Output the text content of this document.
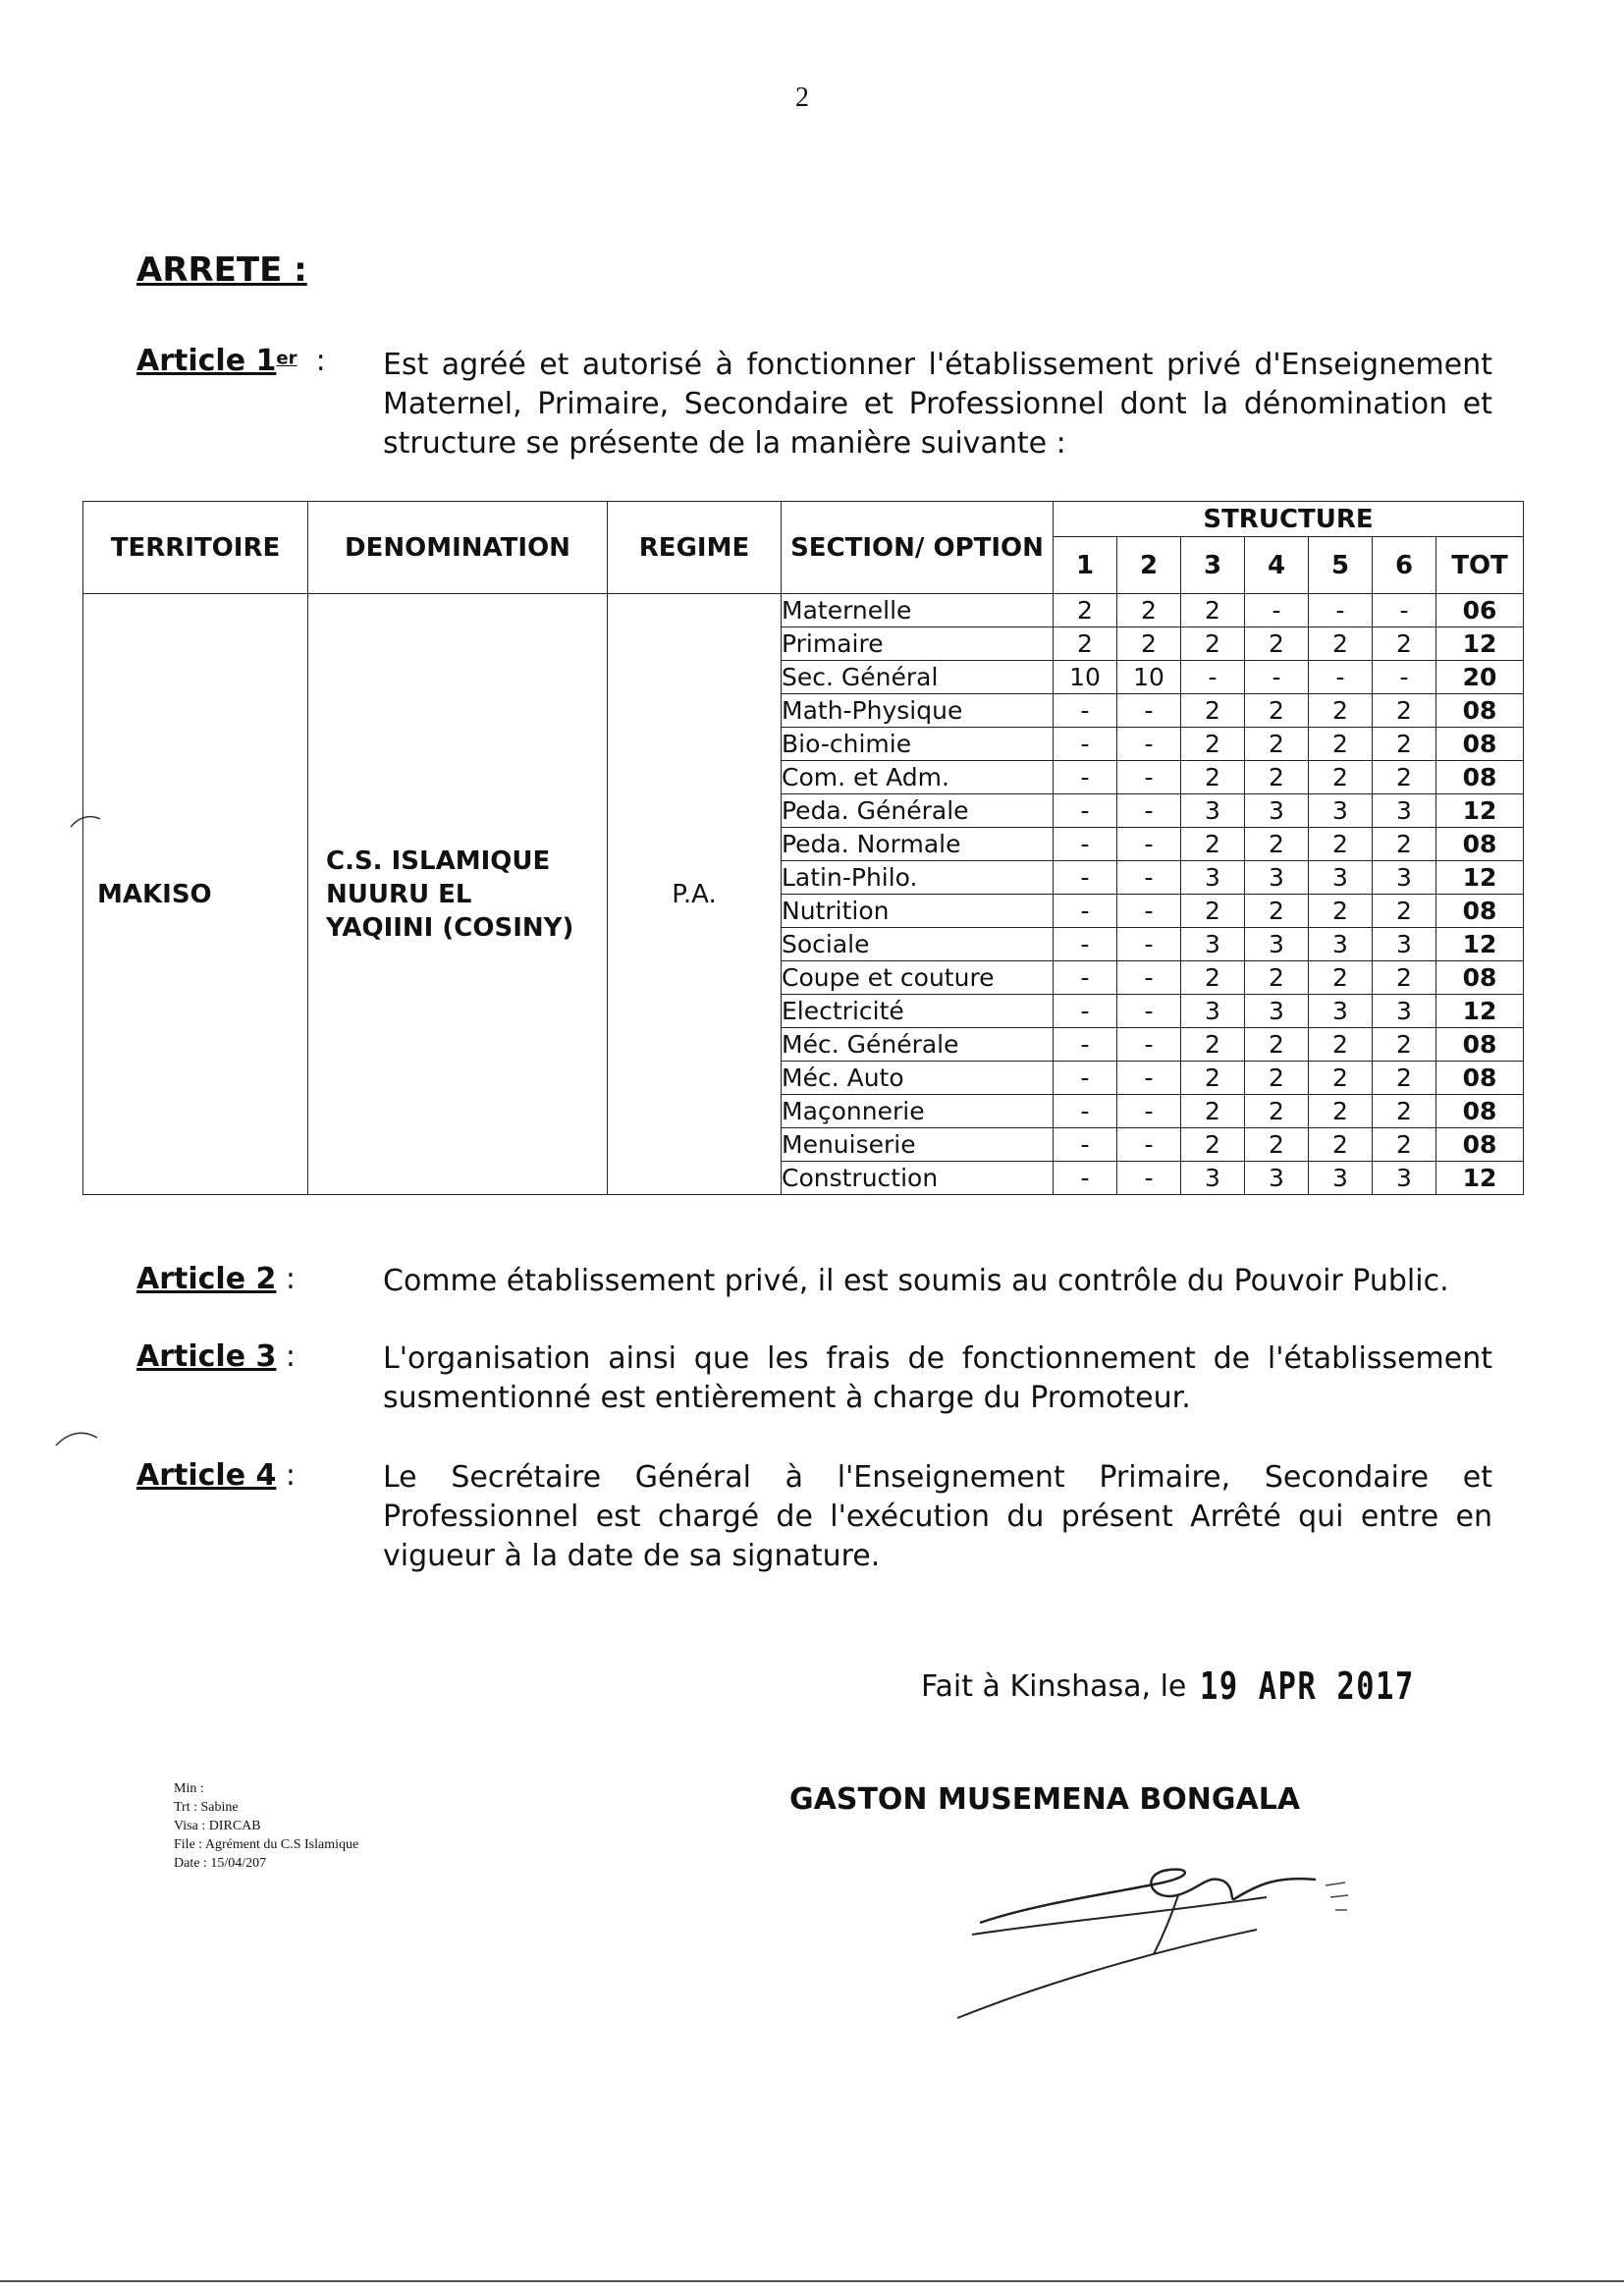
2
ARRETE :
Article 1er : Est agréé et autorisé à fonctionner l'établissement privé d'Enseignement Maternel, Primaire, Secondaire et Professionnel dont la dénomination et structure se présente de la manière suivante :
TERRITOIRE	DENOMINATION	REGIME	SECTION/ OPTION	STRUCTURE						
				1	2	3	4	5	6	TOT
MAKISO	C.S. ISLAMIQUE NUURU EL YAQIINI (COSINY)	P.A.	Maternelle	2	2	2	-	-	-	06
			Primaire	2	2	2	2	2	2	12
			Sec. Général	10	10	-	-	-	-	20
			Math-Physique	-	-	2	2	2	2	08
			Bio-chimie	-	-	2	2	2	2	08
			Com. et Adm.	-	-	2	2	2	2	08
			Peda. Générale	-	-	3	3	3	3	12
			Peda. Normale	-	-	2	2	2	2	08
			Latin-Philo.	-	-	3	3	3	3	12
			Nutrition	-	-	2	2	2	2	08
			Sociale	-	-	3	3	3	3	12
			Coupe et couture	-	-	2	2	2	2	08
			Electricité	-	-	3	3	3	3	12
			Méc. Générale	-	-	2	2	2	2	08
			Méc. Auto	-	-	2	2	2	2	08
			Maçonnerie	-	-	2	2	2	2	08
			Menuiserie	-	-	2	2	2	2	08
			Construction	-	-	3	3	3	3	12
Article 2 :	Comme établissement privé, il est soumis au contrôle du Pouvoir Public.
Article 3 :	L'organisation ainsi que les frais de fonctionnement de l'établissement susmentionné est entièrement à charge du Promoteur.
Article 4 :	Le Secrétaire Général à l'Enseignement Primaire, Secondaire et Professionnel est chargé de l'exécution du présent Arrêté qui entre en vigueur à la date de sa signature.
Fait à Kinshasa, le 19 APR 2017
GASTON MUSEMENA BONGALA
Min :
Trt : Sabine
Visa : DIRCAB
File : Agrément du C.S Islamique
Date : 15/04/207
